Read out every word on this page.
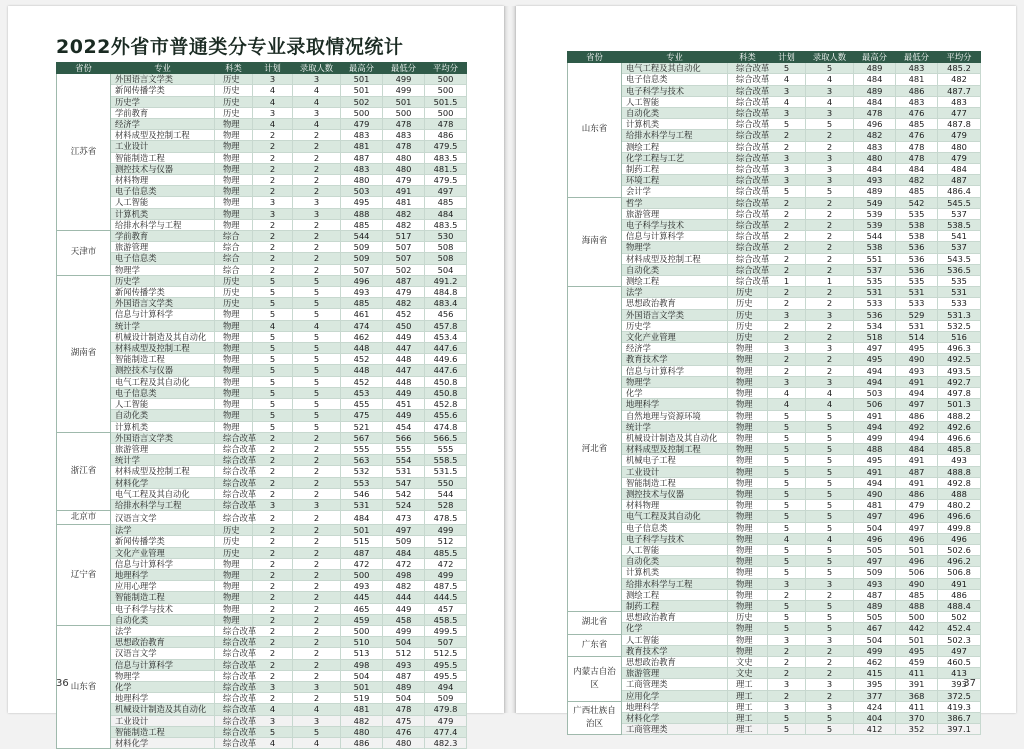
2022外省市普通类分专业录取情况统计
省份	专业	科类	计划	录取人数	最高分	最低分	平均分
江苏省	外国语言文学类	历史	3	3	501	499	500
	新闻传播学类	历史	4	4	501	499	500
	历史学	历史	4	4	502	501	501.5
	学前教育	历史	3	3	500	500	500
	经济学	物理	4	4	479	478	478
	材料成型及控制工程	物理	2	2	483	483	486
	工业设计	物理	2	2	481	478	479.5
	智能制造工程	物理	2	2	487	480	483.5
	测控技术与仪器	物理	2	2	483	480	481.5
	材料物理	物理	2	2	480	479	479.5
	电子信息类	物理	2	2	503	491	497
	人工智能	物理	3	3	495	481	485
	计算机类	物理	3	3	488	482	484
	给排水科学与工程	物理	2	2	485	482	483.5
天津市	学前教育	综合	2	2	544	517	530
	旅游管理	综合	2	2	509	507	508
	电子信息类	综合	2	2	509	507	508
	物理学	综合	2	2	507	502	504
湖南省	历史学	历史	5	5	496	487	491.2
	新闻传播学类	历史	5	5	493	479	484.8
	外国语言文学类	历史	5	5	485	482	483.4
	信息与计算科学	物理	5	5	461	452	456
	统计学	物理	4	4	474	450	457.8
	机械设计制造及其自动化	物理	5	5	462	449	453.4
	材料成型及控制工程	物理	5	5	448	447	447.6
	智能制造工程	物理	5	5	452	448	449.6
	测控技术与仪器	物理	5	5	448	447	447.6
	电气工程及其自动化	物理	5	5	452	448	450.8
	电子信息类	物理	5	5	453	449	450.8
	人工智能	物理	5	5	455	451	452.8
	自动化类	物理	5	5	475	449	455.6
	计算机类	物理	5	5	521	454	474.8
浙江省	外国语言文学类	综合改革	2	2	567	566	566.5
	旅游管理	综合改革	2	2	555	555	555
	统计学	综合改革	2	2	563	554	558.5
	材料成型及控制工程	综合改革	2	2	532	531	531.5
	材料化学	综合改革	2	2	553	547	550
	电气工程及其自动化	综合改革	2	2	546	542	544
	给排水科学与工程	综合改革	3	3	531	524	528
北京市	汉语言文学	综合改革	2	2	484	473	478.5
辽宁省	法学	历史	2	2	501	497	499
	新闻传播学类	历史	2	2	515	509	512
	文化产业管理	历史	2	2	487	484	485.5
	信息与计算科学	物理	2	2	472	472	472
	地理科学	物理	2	2	500	498	499
	应用心理学	物理	2	2	493	482	487.5
	智能制造工程	物理	2	2	445	444	444.5
	电子科学与技术	物理	2	2	465	449	457
	自动化类	物理	2	2	459	458	458.5
山东省	法学	综合改革	2	2	500	499	499.5
	思想政治教育	综合改革	2	2	510	504	507
	汉语言文学	综合改革	2	2	513	512	512.5
	信息与计算科学	综合改革	2	2	498	493	495.5
	物理学	综合改革	2	2	504	487	495.5
	化学	综合改革	3	3	501	489	494
	地理科学	综合改革	2	2	519	504	509
	机械设计制造及其自动化	综合改革	4	4	481	478	479.8
	工业设计	综合改革	3	3	482	475	479
	智能制造工程	综合改革	5	5	480	476	477.4
	材料化学	综合改革	4	4	486	480	482.3
36
省份	专业	科类	计划	录取人数	最高分	最低分	平均分
山东省	电气工程及其自动化	综合改革	5	5	489	483	485.2
	电子信息类	综合改革	4	4	484	481	482
	电子科学与技术	综合改革	3	3	489	486	487.7
	人工智能	综合改革	4	4	484	483	483
	自动化类	综合改革	3	3	478	476	477
	计算机类	综合改革	5	5	496	485	487.8
	给排水科学与工程	综合改革	2	2	482	476	479
	测绘工程	综合改革	2	2	483	478	480
	化学工程与工艺	综合改革	3	3	480	478	479
	制药工程	综合改革	3	3	484	484	484
	环境工程	综合改革	3	3	493	482	487
	会计学	综合改革	5	5	489	485	486.4
海南省	哲学	综合改革	2	2	549	542	545.5
	旅游管理	综合改革	2	2	539	535	537
	电子科学与技术	综合改革	2	2	539	538	538.5
	信息与计算科学	综合改革	2	2	544	538	541
	物理学	综合改革	2	2	538	536	537
	材料成型及控制工程	综合改革	2	2	551	536	543.5
	自动化类	综合改革	2	2	537	536	536.5
	测绘工程	综合改革	1	1	535	535	535
河北省	法学	历史	2	2	531	531	531
	思想政治教育	历史	2	2	533	533	533
	外国语言文学类	历史	3	3	536	529	531.3
	历史学	历史	2	2	534	531	532.5
	文化产业管理	历史	2	2	518	514	516
	经济学	物理	3	3	497	495	496.3
	教育技术学	物理	2	2	495	490	492.5
	信息与计算科学	物理	2	2	494	493	493.5
	物理学	物理	3	3	494	491	492.7
	化学	物理	4	4	503	494	497.8
	地理科学	物理	4	4	506	497	501.3
	自然地理与资源环境	物理	5	5	491	486	488.2
	统计学	物理	5	5	494	492	492.6
	机械设计制造及其自动化	物理	5	5	499	494	496.6
	材料成型及控制工程	物理	5	5	488	484	485.8
	机械电子工程	物理	5	5	495	491	493
	工业设计	物理	5	5	491	487	488.8
	智能制造工程	物理	5	5	494	491	492.8
	测控技术与仪器	物理	5	5	490	486	488
	材料物理	物理	5	5	481	479	480.2
	电气工程及其自动化	物理	5	5	497	496	496.6
	电子信息类	物理	5	5	504	497	499.8
	电子科学与技术	物理	4	4	496	496	496
	人工智能	物理	5	5	505	501	502.6
	自动化类	物理	5	5	497	496	496.2
	计算机类	物理	5	5	509	506	506.8
	给排水科学与工程	物理	3	3	493	490	491
	测绘工程	物理	2	2	487	485	486
	制药工程	物理	5	5	489	488	488.4
湖北省	思想政治教育	历史	5	5	505	500	502
	化学	物理	5	5	467	442	452.4
广东省	人工智能	物理	3	3	504	501	502.3
	教育技术学	物理	2	2	499	495	497
内蒙古自治区	思想政治教育	文史	2	2	462	459	460.5
	旅游管理	文史	2	2	415	411	413
	工商管理类	理工	3	3	395	391	393
	应用化学	理工	2	2	377	368	372.5
广西壮族自治区	地理科学	理工	3	3	424	411	419.3
	材料化学	理工	5	5	404	370	386.7
	工商管理类	理工	5	5	412	352	397.1
37
